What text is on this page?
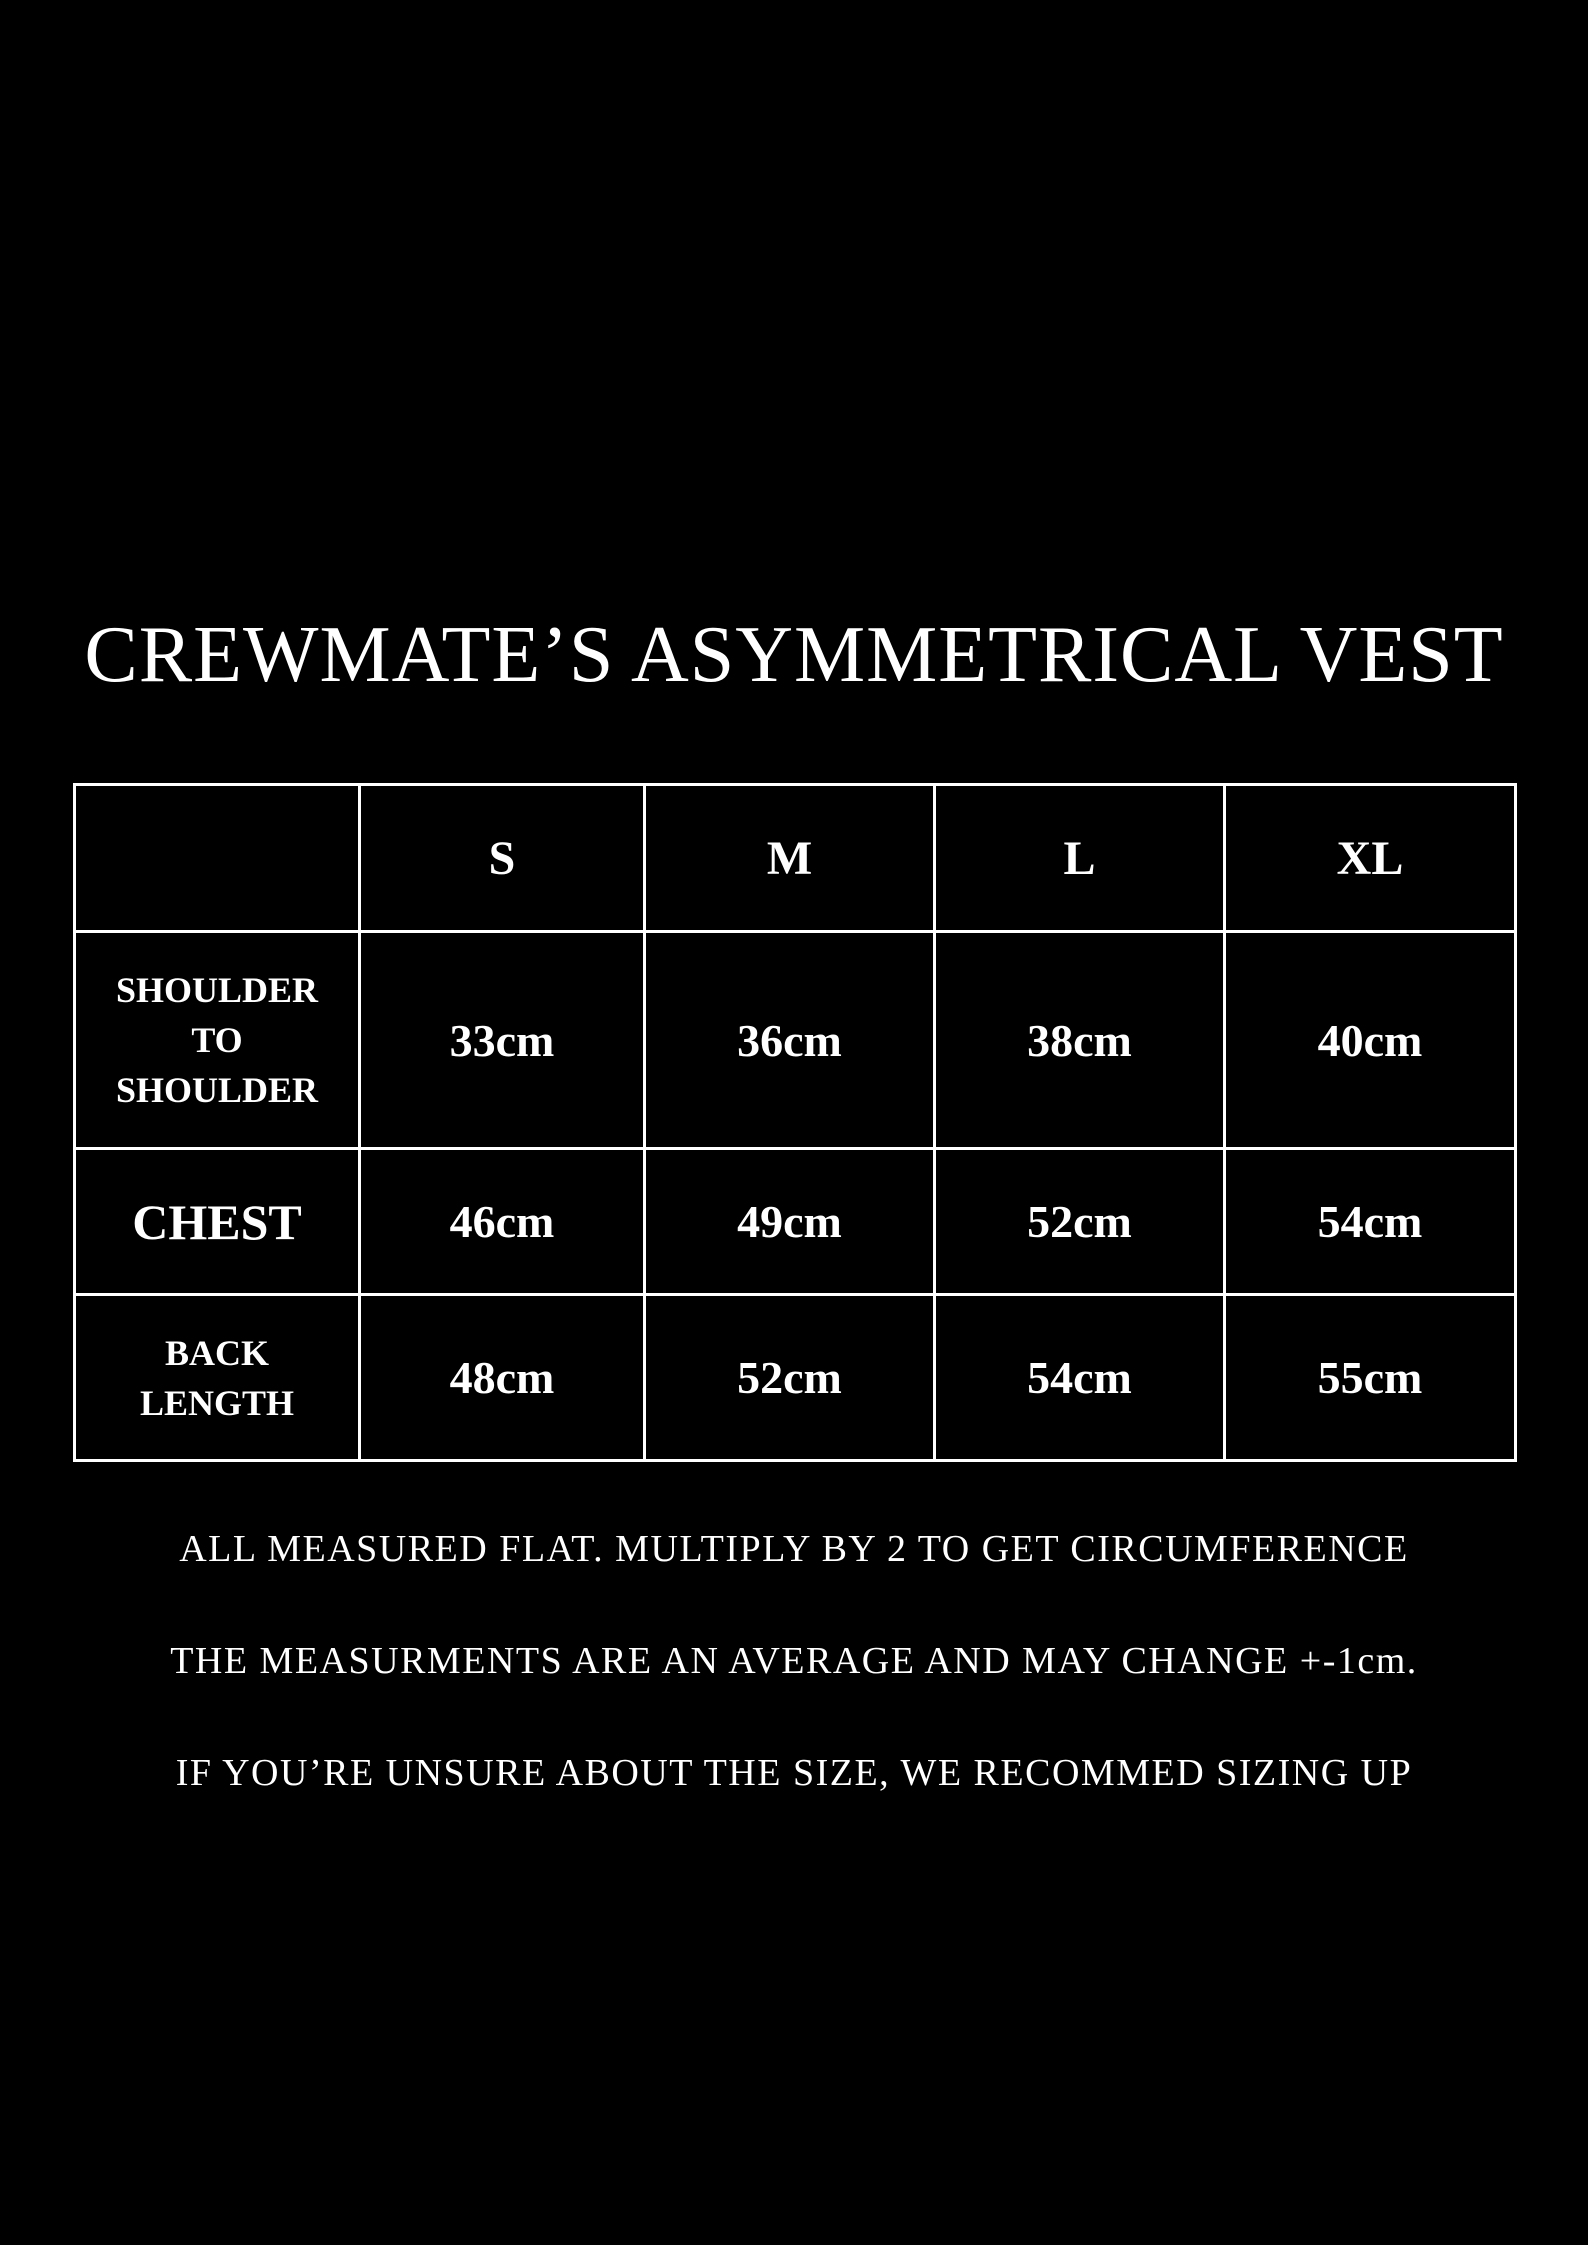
CREWMATE’S ASYMMETRICAL VEST
	S	M	L	XL

SHOULDER
TO
SHOULDER	33cm	36cm	38cm	40cm

CHEST	46cm	49cm	52cm	54cm

BACK
LENGTH	48cm	52cm	54cm	55cm
ALL MEASURED FLAT. MULTIPLY BY 2 TO GET CIRCUMFERENCE
THE MEASURMENTS ARE AN AVERAGE AND MAY CHANGE +-1cm.
IF YOU’RE UNSURE ABOUT THE SIZE, WE RECOMMED SIZING UP
